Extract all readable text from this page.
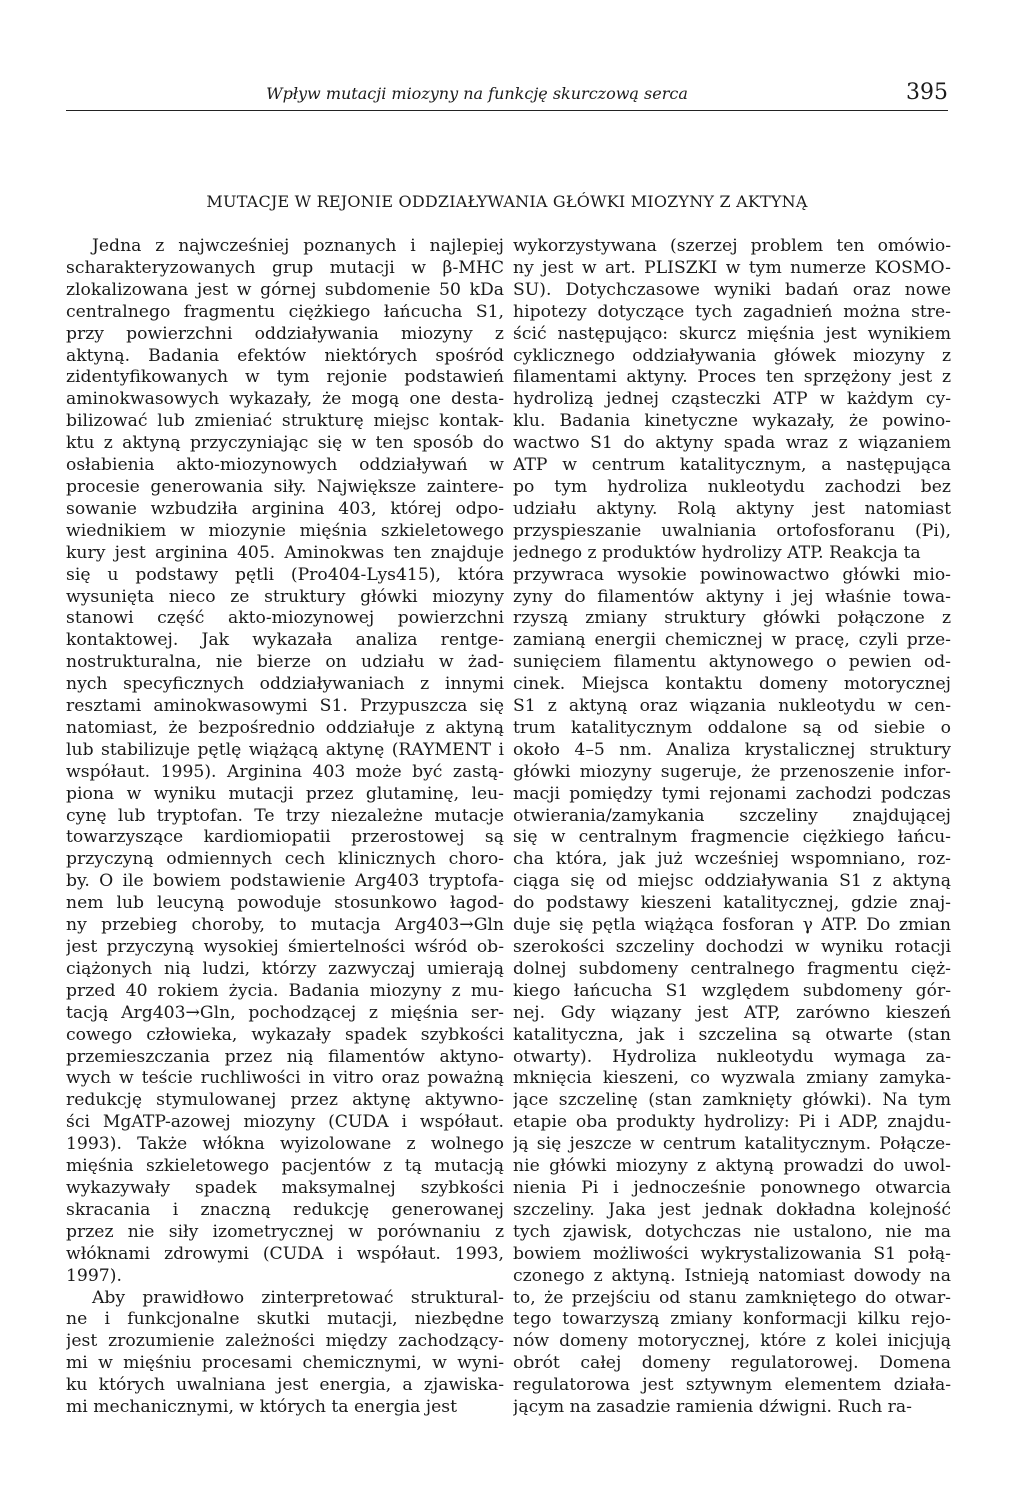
Wpływ mutacji miozyny na funkcję skurczową serca	395
MUTACJE W REJONIE ODDZIAŁYWANIA GŁÓWKI MIOZYNY Z AKTYNĄ
Jedna z najwcześniej poznanych i najlepiej
scharakteryzowanych grup mutacji w β-MHC
zlokalizowana jest w górnej subdomenie 50 kDa
centralnego fragmentu ciężkiego łańcucha S1,
przy powierzchni oddziaływania miozyny z
aktyną. Badania efektów niektórych spośród
zidentyfikowanych w tym rejonie podstawień
aminokwasowych wykazały, że mogą one desta-
bilizować lub zmieniać strukturę miejsc kontak-
ktu z aktyną przyczyniając się w ten sposób do
osłabienia akto-miozynowych oddziaływań w
procesie generowania siły. Największe zaintere-
sowanie wzbudziła arginina 403, której odpo-
wiednikiem w miozynie mięśnia szkieletowego
kury jest arginina 405. Aminokwas ten znajduje
się u podstawy pętli (Pro404-Lys415), która
wysunięta nieco ze struktury główki miozyny
stanowi część akto-miozynowej powierzchni
kontaktowej. Jak wykazała analiza rentge-
nostrukturalna, nie bierze on udziału w żad-
nych specyficznych oddziaływaniach z innymi
resztami aminokwasowymi S1. Przypuszcza się
natomiast, że bezpośrednio oddziałuje z aktyną
lub stabilizuje pętlę wiążącą aktynę (RAYMENT i
współaut. 1995). Arginina 403 może być zastą-
piona w wyniku mutacji przez glutaminę, leu-
cynę lub tryptofan. Te trzy niezależne mutacje
towarzyszące kardiomiopatii przerostowej są
przyczyną odmiennych cech klinicznych choro-
by. O ile bowiem podstawienie Arg403 tryptofa-
nem lub leucyną powoduje stosunkowo łagod-
ny przebieg choroby, to mutacja Arg403→Gln
jest przyczyną wysokiej śmiertelności wśród ob-
ciążonych nią ludzi, którzy zazwyczaj umierają
przed 40 rokiem życia. Badania miozyny z mu-
tacją Arg403→Gln, pochodzącej z mięśnia ser-
cowego człowieka, wykazały spadek szybkości
przemieszczania przez nią filamentów aktyno-
wych w teście ruchliwości in vitro oraz poważną
redukcję stymulowanej przez aktynę aktywno-
ści MgATP-azowej miozyny (CUDA i współaut.
1993). Także włókna wyizolowane z wolnego
mięśnia szkieletowego pacjentów z tą mutacją
wykazywały spadek maksymalnej szybkości
skracania i znaczną redukcję generowanej
przez nie siły izometrycznej w porównaniu z
włóknami zdrowymi (CUDA i współaut. 1993,
1997).
Aby prawidłowo zinterpretować struktural-
ne i funkcjonalne skutki mutacji, niezbędne
jest zrozumienie zależności między zachodzący-
mi w mięśniu procesami chemicznymi, w wyni-
ku których uwalniana jest energia, a zjawiska-
mi mechanicznymi, w których ta energia jest
wykorzystywana (szerzej problem ten omówio-
ny jest w art. PLISZKI w tym numerze KOSMO-
SU). Dotychczasowe wyniki badań oraz nowe
hipotezy dotyczące tych zagadnień można stre-
ścić następująco: skurcz mięśnia jest wynikiem
cyklicznego oddziaływania główek miozyny z
filamentami aktyny. Proces ten sprzężony jest z
hydrolizą jednej cząsteczki ATP w każdym cy-
klu. Badania kinetyczne wykazały, że powino-
wactwo S1 do aktyny spada wraz z wiązaniem
ATP w centrum katalitycznym, a następująca
po tym hydroliza nukleotydu zachodzi bez
udziału aktyny. Rolą aktyny jest natomiast
przyspieszanie uwalniania ortofosforanu (Pi),
jednego z produktów hydrolizy ATP. Reakcja ta
przywraca wysokie powinowactwo główki mio-
zyny do filamentów aktyny i jej właśnie towa-
rzyszą zmiany struktury główki połączone z
zamianą energii chemicznej w pracę, czyli prze-
sunięciem filamentu aktynowego o pewien od-
cinek. Miejsca kontaktu domeny motorycznej
S1 z aktyną oraz wiązania nukleotydu w cen-
trum katalitycznym oddalone są od siebie o
około 4–5 nm. Analiza krystalicznej struktury
główki miozyny sugeruje, że przenoszenie infor-
macji pomiędzy tymi rejonami zachodzi podczas
otwierania/zamykania szczeliny znajdującej
się w centralnym fragmencie ciężkiego łańcu-
cha która, jak już wcześniej wspomniano, roz-
ciąga się od miejsc oddziaływania S1 z aktyną
do podstawy kieszeni katalitycznej, gdzie znaj-
duje się pętla wiążąca fosforan γ ATP. Do zmian
szerokości szczeliny dochodzi w wyniku rotacji
dolnej subdomeny centralnego fragmentu cięż-
kiego łańcucha S1 względem subdomeny gór-
nej. Gdy wiązany jest ATP, zarówno kieszeń
katalityczna, jak i szczelina są otwarte (stan
otwarty). Hydroliza nukleotydu wymaga za-
mknięcia kieszeni, co wyzwala zmiany zamyka-
jące szczelinę (stan zamknięty główki). Na tym
etapie oba produkty hydrolizy: Pi i ADP, znajdu-
ją się jeszcze w centrum katalitycznym. Połącze-
nie główki miozyny z aktyną prowadzi do uwol-
nienia Pi i jednocześnie ponownego otwarcia
szczeliny. Jaka jest jednak dokładna kolejność
tych zjawisk, dotychczas nie ustalono, nie ma
bowiem możliwości wykrystalizowania S1 połą-
czonego z aktyną. Istnieją natomiast dowody na
to, że przejściu od stanu zamkniętego do otwar-
tego towarzyszą zmiany konformacji kilku rejo-
nów domeny motorycznej, które z kolei inicjują
obrót całej domeny regulatorowej. Domena
regulatorowa jest sztywnym elementem działa-
jącym na zasadzie ramienia dźwigni. Ruch ra-
